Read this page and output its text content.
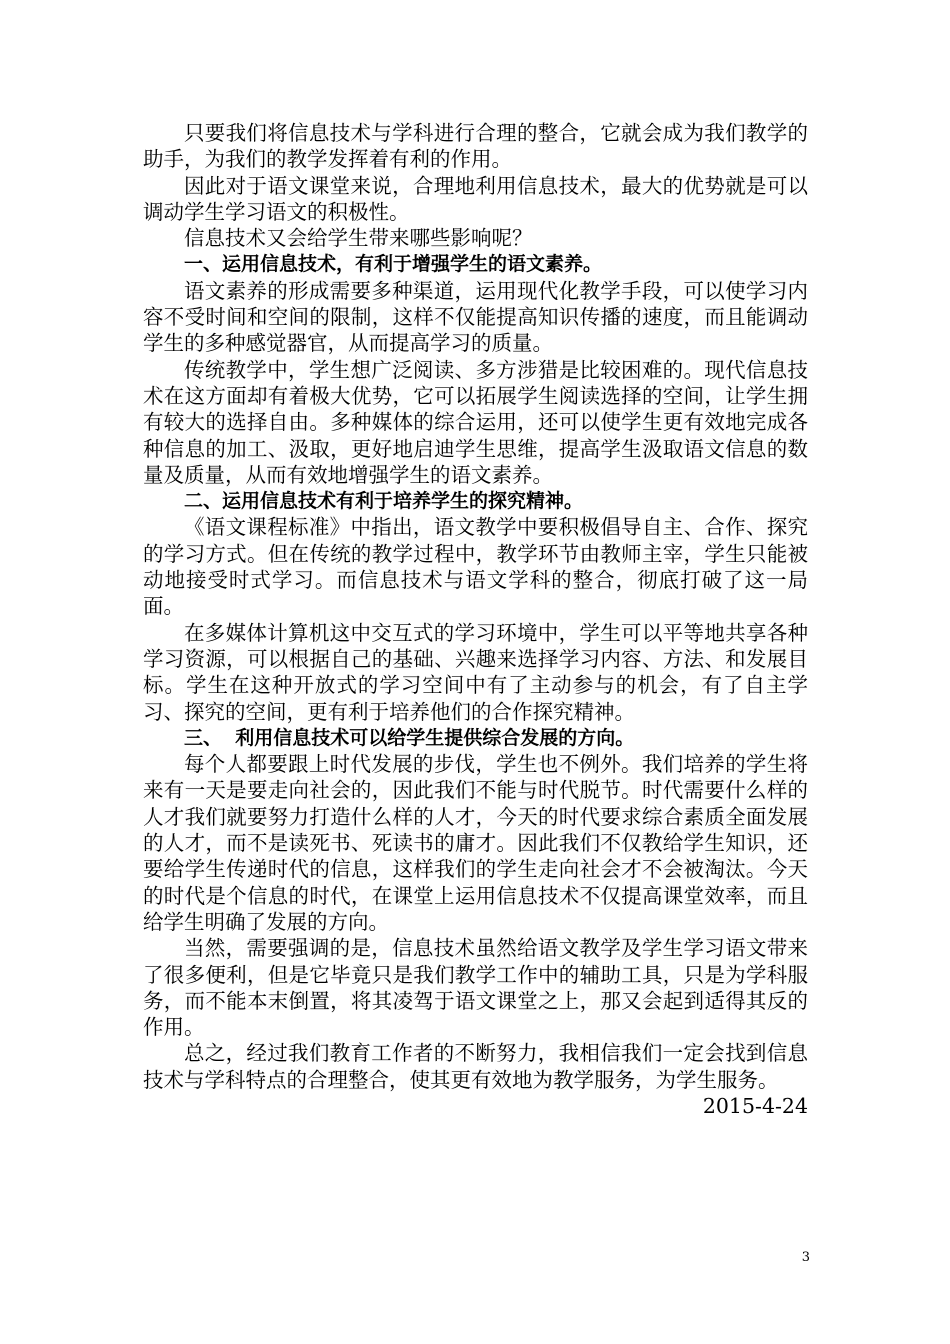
只要我们将信息技术与学科进行合理的整合，它就会成为我们教学的助手，为我们的教学发挥着有利的作用。

因此对于语文课堂来说，合理地利用信息技术，最大的优势就是可以调动学生学习语文的积极性。

信息技术又会给学生带来哪些影响呢？

一、运用信息技术，有利于增强学生的语文素养。

语文素养的形成需要多种渠道，运用现代化教学手段，可以使学习内容不受时间和空间的限制，这样不仅能提高知识传播的速度，而且能调动学生的多种感觉器官，从而提高学习的质量。

传统教学中，学生想广泛阅读、多方涉猎是比较困难的。现代信息技术在这方面却有着极大优势，它可以拓展学生阅读选择的空间，让学生拥有较大的选择自由。多种媒体的综合运用，还可以使学生更有效地完成各种信息的加工、汲取，更好地启迪学生思维，提高学生汲取语文信息的数量及质量，从而有效地增强学生的语文素养。

二、运用信息技术有利于培养学生的探究精神。

《语文课程标准》中指出，语文教学中要积极倡导自主、合作、探究的学习方式。但在传统的教学过程中，教学环节由教师主宰，学生只能被动地接受时式学习。而信息技术与语文学科的整合，彻底打破了这一局面。

在多媒体计算机这中交互式的学习环境中，学生可以平等地共享各种学习资源，可以根据自己的基础、兴趣来选择学习内容、方法、和发展目标。学生在这种开放式的学习空间中有了主动参与的机会，有了自主学习、探究的空间，更有利于培养他们的合作探究精神。

三、  利用信息技术可以给学生提供综合发展的方向。

每个人都要跟上时代发展的步伐，学生也不例外。我们培养的学生将来有一天是要走向社会的，因此我们不能与时代脱节。时代需要什么样的人才我们就要努力打造什么样的人才，今天的时代要求综合素质全面发展的人才，而不是读死书、死读书的庸才。因此我们不仅教给学生知识，还要给学生传递时代的信息，这样我们的学生走向社会才不会被淘汰。今天的时代是个信息的时代，在课堂上运用信息技术不仅提高课堂效率，而且给学生明确了发展的方向。

当然，需要强调的是，信息技术虽然给语文教学及学生学习语文带来了很多便利，但是它毕竟只是我们教学工作中的辅助工具，只是为学科服务，而不能本末倒置，将其凌驾于语文课堂之上，那又会起到适得其反的作用。

总之，经过我们教育工作者的不断努力，我相信我们一定会找到信息技术与学科特点的合理整合，使其更有效地为教学服务，为学生服务。

2015-4-24

3
